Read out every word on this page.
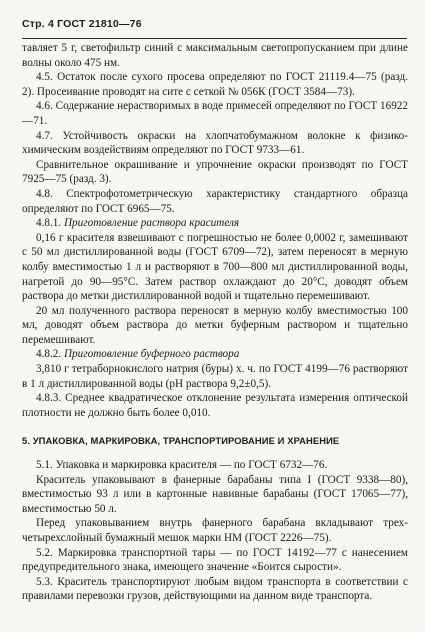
Стр. 4 ГОСТ 21810—76

тавляет 5 г, светофильтр синий с максимальным светопропусканием при длине волны около 475 нм.

4.5. Остаток после сухого просева определяют по ГОСТ 21119.4—75 (разд. 2). Просеивание проводят на сите с сеткой № 056К (ГОСТ 3584—73).

4.6. Содержание нерастворимых в воде примесей определяют по ГОСТ 16922—71.

4.7. Устойчивость окраски на хлопчатобумажном волокне к физико-химическим воздействиям определяют по ГОСТ 9733—61.

Сравнительное окрашивание и упрочнение окраски производят по ГОСТ 7925—75 (разд. 3).

4.8. Спектрофотометрическую характеристику стандартного образца определяют по ГОСТ 6965—75.

4.8.1. Приготовление раствора красителя

0,16 г красителя взвешивают с погрешностью не более 0,0002 г, замешивают с 50 мл дистиллированной воды (ГОСТ 6709—72), затем переносят в мерную колбу вместимостью 1 л и растворяют в 700—800 мл дистиллированной воды, нагретой до 90—95°С. Затем раствор охлаждают до 20°С, доводят объем раствора до метки дистиллированной водой и тщательно перемешивают.

20 мл полученного раствора переносят в мерную колбу вместимостью 100 мл, доводят объем раствора до метки буферным раствором и тщательно перемешивают.

4.8.2. Приготовление буферного раствора

3,810 г тетраборнокислого натрия (буры) х. ч. по ГОСТ 4199—76 растворяют в 1 л дистиллированной воды (рН раствора 9,2±0,5).

4.8.3. Среднее квадратическое отклонение результата измерения оптической плотности не должно быть более 0,010.

5. УПАКОВКА, МАРКИРОВКА, ТРАНСПОРТИРОВАНИЕ И ХРАНЕНИЕ

5.1. Упаковка и маркировка красителя — по ГОСТ 6732—76.

Краситель упаковывают в фанерные барабаны типа I (ГОСТ 9338—80), вместимостью 93 л или в картонные навивные барабаны (ГОСТ 17065—77), вместимостью 50 л.

Перед упаковыванием внутрь фанерного барабана вкладывают трех-четырехслойный бумажный мешок марки НМ (ГОСТ 2226—75).

5.2. Маркировка транспортной тары — по ГОСТ 14192—77 с нанесением предупредительного знака, имеющего значение «Боится сырости».

5.3. Краситель транспортируют любым видом транспорта в соответствии с правилами перевозки грузов, действующими на данном виде транспорта.
